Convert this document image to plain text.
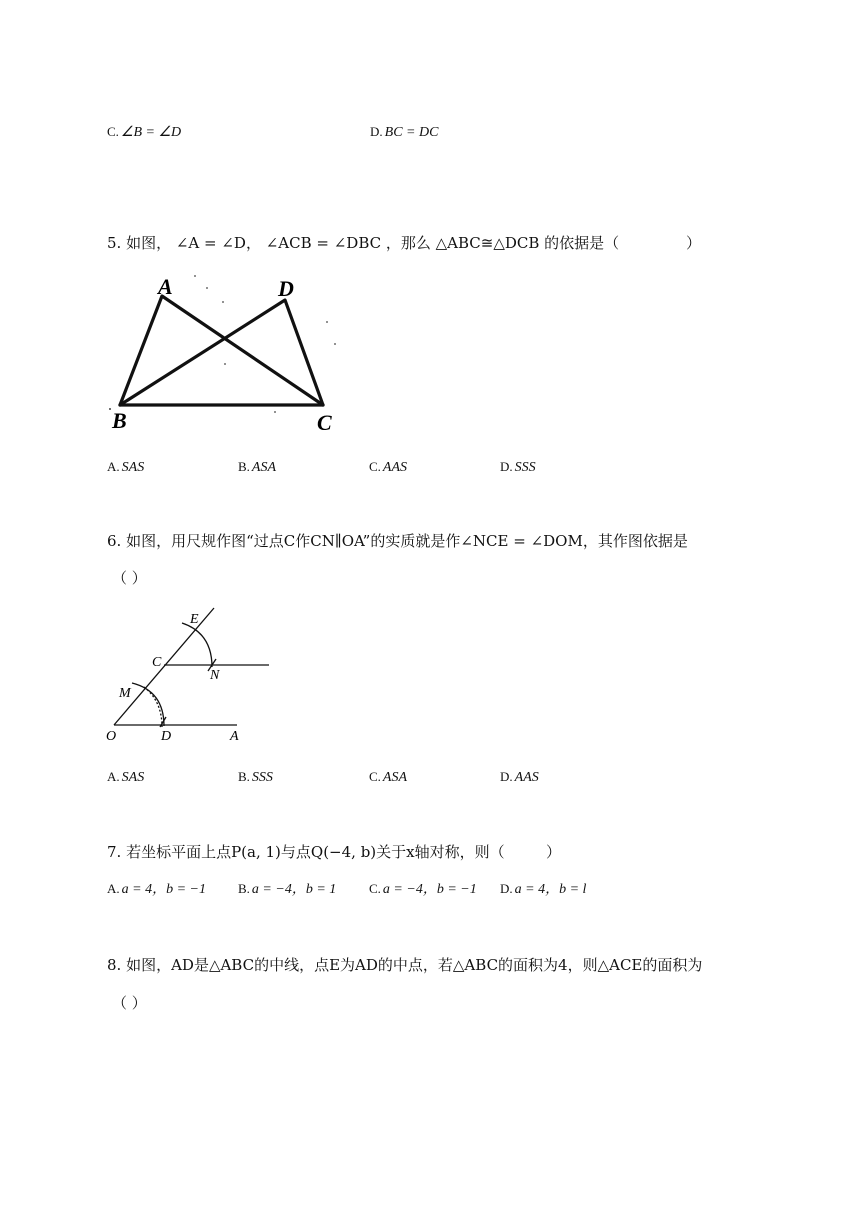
C. ∠B = ∠D	D. BC = DC
5. 如图， ∠A = ∠D， ∠ACB = ∠DBC ，那么 △ABC≅△DCB 的依据是（	）
A	D
B	C
A. SAS	B. ASA	C. AAS	D. SSS
6. 如图，用尺规作图“过点C作CN∥OA”的实质就是作∠NCE = ∠DOM，其作图依据是
（ ）
E
C
N
M
O	D	A
A. SAS	B. SSS	C. ASA	D. AAS
7. 若坐标平面上点P(a, 1)与点Q(−4, b)关于x轴对称，则（	）
A. a = 4，b = −1 B. a = −4，b = 1	C. a = −4，b = −1 D. a = 4，b = l
8. 如图，AD是△ABC的中线，点E为AD的中点，若△ABC的面积为4，则△ACE的面积为
（ ）
